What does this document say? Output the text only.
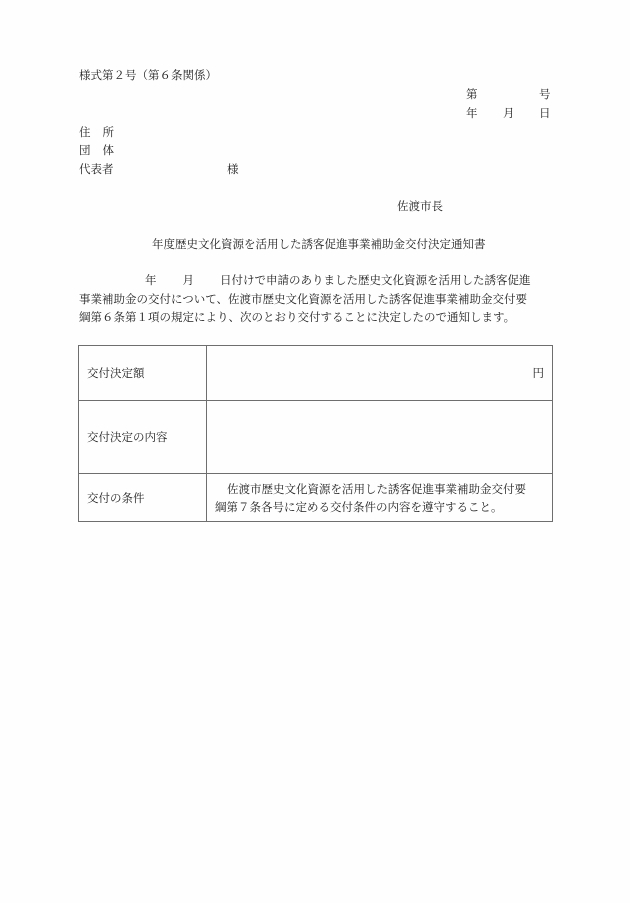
様式第２号（第６条関係）
第	号
年 月 日
住 所
団 体
代表者	様
佐渡市長
年度歴史文化資源を活用した誘客促進事業補助金交付決定通知書
年 月 日付けで申請のありました歴史文化資源を活用した誘客促進
事業補助金の交付について、佐渡市歴史文化資源を活用した誘客促進事業補助金交付要
綱第６条第１項の規定により、次のとおり交付することに決定したので通知します。
交付決定額	円
交付決定の内容	
交付の条件	佐渡市歴史文化資源を活用した誘客促進事業補助金交付要
綱第７条各号に定める交付条件の内容を遵守すること。
